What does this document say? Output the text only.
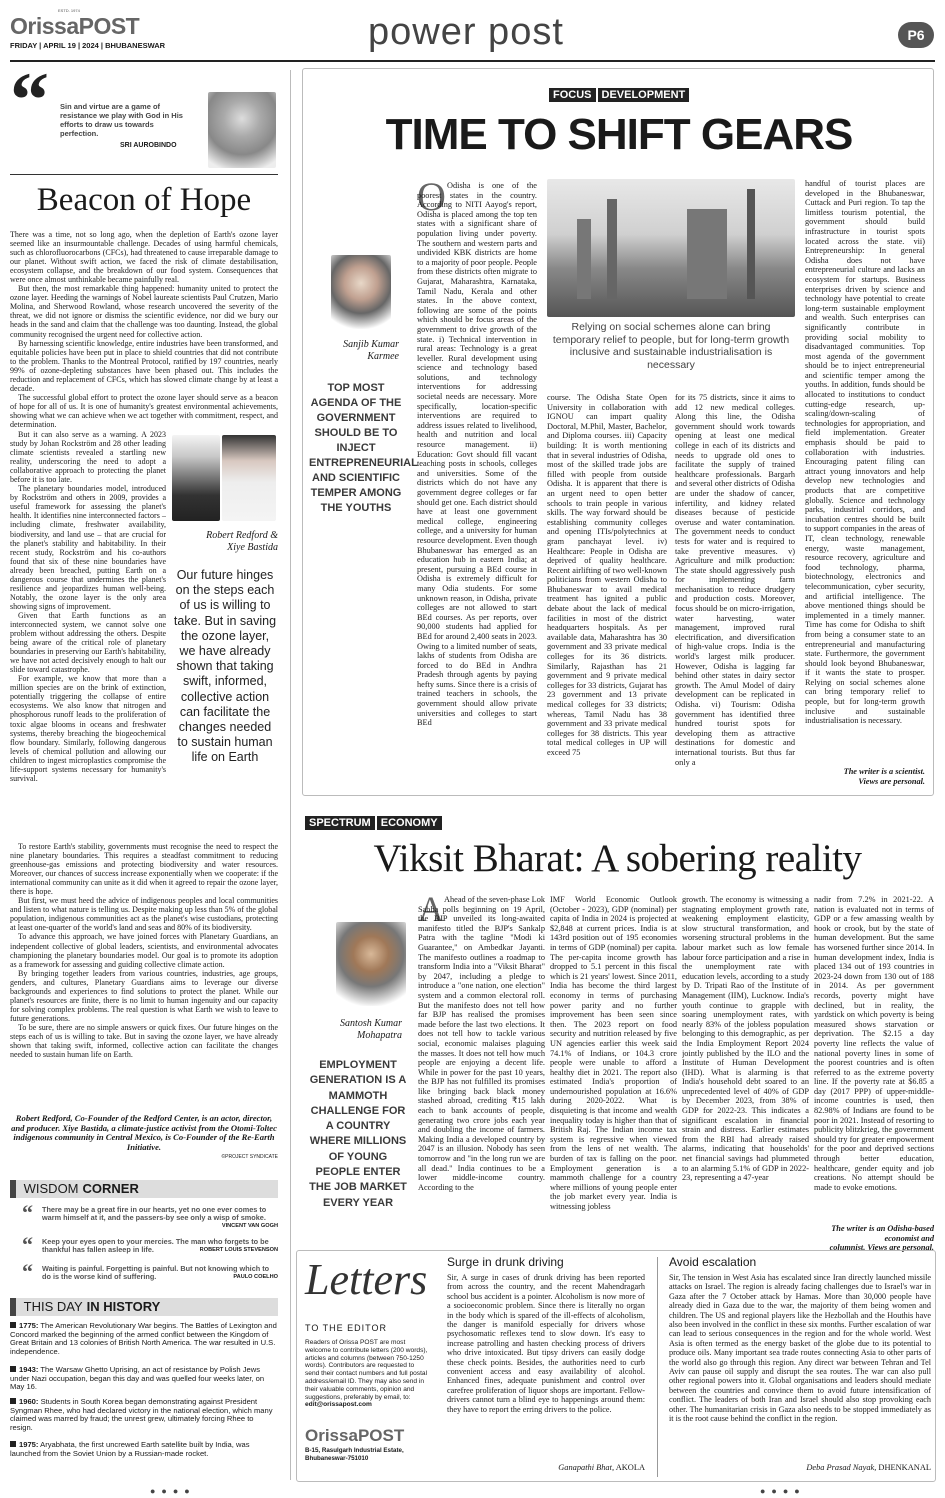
ESTD. 1974
OrissaPOST
FRIDAY | APRIL 19 | 2024 | BHUBANESWAR	power post	P6
“ Sin and virtue are a game of resistance we play with God in His efforts to draw us towards perfection.
SRI AUROBINDO
Beacon of Hope

There was a time, not so long ago, when the depletion of Earth's ozone layer seemed like an insurmountable challenge. Decades of using harmful chemicals, such as chlorofluorocarbons (CFCs), had threatened to cause irreparable damage to our planet. Without swift action, we faced the risk of climate destabilisation, ecosystem collapse, and the breakdown of our food system. Consequences that were once almost unthinkable became painfully real.

But then, the most remarkable thing happened: humanity united to protect the ozone layer. Heeding the warnings of Nobel laureate scientists Paul Crutzen, Mario Molina, and Sherwood Rowland, whose research uncovered the severity of the threat, we did not ignore or dismiss the scientific evidence, nor did we bury our heads in the sand and claim that the challenge was too daunting. Instead, the global community recognised the urgent need for collective action.

By harnessing scientific knowledge, entire industries have been transformed, and equitable policies have been put in place to shield countries that did not contribute to the problem. Thanks to the Montreal Protocol, ratified by 197 countries, nearly 99% of ozone-depleting substances have been phased out. This includes the reduction and replacement of CFCs, which has slowed climate change by at least a decade.

The successful global effort to protect the ozone layer should serve as a beacon of hope for all of us. It is one of humanity's greatest environmental achievements, showing what we can achieve when we act together with commitment, respect, and determination.

But it can also serve as a warning. A 2023 study by Johan Rockström and 28 other leading climate scientists revealed a startling new reality, underscoring the need to adopt a collaborative approach to protecting the planet before it is too late.

The planetary boundaries model, introduced by Rockström and others in 2009, provides a useful framework for assessing the planet's health. It identifies nine interconnected factors – including climate, freshwater availability, biodiversity, and land use – that are crucial for the planet's stability and habitability. In their recent study, Rockström and his co-authors found that six of these nine boundaries have already been breached, putting Earth on a dangerous course that undermines the planet's resilience and jeopardizes human well-being. Notably, the ozone layer is the only area showing signs of improvement.

Given that Earth functions as an interconnected system, we cannot solve one problem without addressing the others. Despite being aware of the critical role of planetary boundaries in preserving our Earth's habitability, we have not acted decisively enough to halt our slide toward catastrophe.

For example, we know that more than a million species are on the brink of extinction, potentially triggering the collapse of entire ecosystems. We also know that nitrogen and phosphorous runoff leads to the proliferation of toxic algae blooms in oceans and freshwater systems, thereby breaching the biogeochemical flow boundary. Similarly, following dangerous levels of chemical pollution and allowing our children to ingest microplastics compromise the life-support systems necessary for humanity's survival.

Robert Redford &
Xiye Bastida
Our future hinges on the steps each of us is willing to take. But in saving the ozone layer, we have already shown that taking swift, informed, collective action can facilitate the changes needed to sustain human life on Earth

To restore Earth's stability, governments must recognise the need to respect the nine planetary boundaries. This requires a steadfast commitment to reducing greenhouse-gas emissions and protecting biodiversity and water resources. Moreover, our chances of success increase exponentially when we cooperate: if the international community can unite as it did when it agreed to repair the ozone layer, there is hope.

But first, we must heed the advice of indigenous peoples and local communities and listen to what nature is telling us. Despite making up less than 5% of the global population, indigenous communities act as the planet's wise custodians, protecting at least one-quarter of the world's land and seas and 80% of its biodiversity.

To advance this approach, we have joined forces with Planetary Guardians, an independent collective of global leaders, scientists, and environmental advocates championing the planetary boundaries model. Our goal is to promote its adoption as a framework for assessing and guiding collective climate action.

By bringing together leaders from various countries, industries, age groups, genders, and cultures, Planetary Guardians aims to leverage our diverse backgrounds and experiences to find solutions to protect the planet. While our planet's resources are finite, there is no limit to human ingenuity and our capacity for solving complex problems. The real question is what Earth we wish to leave to future generations.

To be sure, there are no simple answers or quick fixes. Our future hinges on the steps each of us is willing to take. But in saving the ozone layer, we have already shown that taking swift, informed, collective action can facilitate the changes needed to sustain human life on Earth.

Robert Redford, Co-Founder of the Redford Center, is an actor, director, and producer. Xiye Bastida, a climate-justice activist from the Otomi-Toltec indigenous community in Central Mexico, is Co-Founder of the Re-Earth Initiative.
©PROJECT SYNDICATE
WISDOM CORNER
“ There may be a great fire in our hearts, yet no one ever comes to warm himself at it, and the passers-by see only a wisp of smoke.
VINCENT VAN GOGH
“ Keep your eyes open to your mercies. The man who forgets to be thankful has fallen asleep in life.	ROBERT LOUIS STEVENSON
“ Waiting is painful. Forgetting is painful. But not knowing which to do is the worse kind of suffering.	PAULO COELHO
THIS DAY IN HISTORY
1775: The American Revolutionary War begins. The Battles of Lexington and Concord marked the beginning of the armed conflict between the Kingdom of Great Britain and 13 colonies of British North America. The war resulted in U.S. independence.
1943: The Warsaw Ghetto Uprising, an act of resistance by Polish Jews under Nazi occupation, began this day and was quelled four weeks later, on May 16.
1960: Students in South Korea began demonstrating against President Syngman Rhee, who had declared victory in the national election, which many claimed was marred by fraud; the unrest grew, ultimately forcing Rhee to resign.
1975: Aryabhata, the first uncrewed Earth satellite built by India, was launched from the Soviet Union by a Russian-made rocket.
FOCUS DEVELOPMENT
TIME TO SHIFT GEARS
Sanjib Kumar
Karmee
TOP MOST AGENDA OF THE GOVERNMENT SHOULD BE TO INJECT ENTREPRENEURIAL AND SCIENTIFIC TEMPER AMONG THE YOUTHS
O Odisha is one of the poorest states in the country. According to NITI Aayog's report, Odisha is placed among the top ten states with a significant share of population living under poverty. The southern and western parts and undivided KBK districts are home to a majority of poor people. People from these districts often migrate to Gujarat, Maharashtra, Karnataka, Tamil Nadu, Kerala and other states. In the above context, following are some of the points which should be focus areas of the government to drive growth of the state. i) Technical intervention in rural areas: Technology is a great leveller. Rural development using science and technology based solutions, and technology interventions for addressing societal needs are necessary. More specifically, location-specific interventions are required to address issues related to livelihood, health and nutrition and local resource management. ii) Education: Govt should fill vacant teaching posts in schools, colleges and universities. Some of the districts which do not have any government degree colleges or far should get one. Each district should have at least one government medical college, engineering college, and a university for human resource development. Even though Bhubaneswar has emerged as an education hub in eastern India; at present, pursuing a BEd course in Odisha is extremely difficult for many Odia students. For some unknown reason, in Odisha, private colleges are not allowed to start BEd courses. As per reports, over 90,000 students had applied for BEd for around 2,400 seats in 2023. Owing to a limited number of seats, lakhs of students from Odisha are forced to do BEd in Andhra Pradesh through agents by paying hefty sums. Since there is a crisis of trained teachers in schools, the government should allow private universities and colleges to start BEd
Relying on social schemes alone can bring temporary relief to people, but for long-term growth inclusive and sustainable industrialisation is necessary
course. The Odisha State Open University in collaboration with IGNOU can impart quality Doctoral, M.Phil, Master, Bachelor, and Diploma courses. iii) Capacity building: It is worth mentioning that in several industries of Odisha, most of the skilled trade jobs are filled with people from outside Odisha. It is apparent that there is an urgent need to open better schools to train people in various skills. The way forward should be establishing community colleges and opening ITIs/polytechnics at gram panchayat level. iv) Healthcare: People in Odisha are deprived of quality healthcare. Recent airlifting of two well-known politicians from western Odisha to Bhubaneswar to avail medical treatment has ignited a public debate about the lack of medical facilities in most of the district headquarters hospitals. As per available data, Maharashtra has 30 government and 33 private medical colleges for its 36 districts. Similarly, Rajasthan has 21 government and 9 private medical colleges for 33 districts, Gujarat has 23 government and 13 private medical colleges for 33 districts; whereas, Tamil Nadu has 38 government and 33 private medical colleges for 38 districts. This year total medical colleges in UP will exceed 75
for its 75 districts, since it aims to add 12 new medical colleges. Along this line, the Odisha government should work towards opening at least one medical college in each of its districts and needs to upgrade old ones to facilitate the supply of trained healthcare professionals. Bargarh and several other districts of Odisha are under the shadow of cancer, infertility, and kidney related diseases because of pesticide overuse and water contamination. The government needs to conduct tests for water and is required to take preventive measures. v) Agriculture and milk production: The state should aggressively push for implementing farm mechanisation to reduce drudgery and production costs. Moreover, focus should be on micro-irrigation, water harvesting, water management, improved rural electrification, and diversification of high-value crops. India is the world's largest milk producer. However, Odisha is lagging far behind other states in dairy sector growth. The Amul Model of dairy development can be replicated in Odisha. vi) Tourism: Odisha government has identified three hundred tourist spots for developing them as attractive destinations for domestic and international tourists. But thus far only a
handful of tourist places are developed in the Bhubaneswar, Cuttack and Puri region. To tap the limitless tourism potential, the government should build infrastructure in tourist spots located across the state. vii) Entrepreneurship: In general Odisha does not have entrepreneurial culture and lacks an ecosystem for startups. Business enterprises driven by science and technology have potential to create long-term sustainable employment and wealth. Such enterprises can significantly contribute in providing social mobility to disadvantaged communities. Top most agenda of the government should be to inject entrepreneurial and scientific temper among the youths. In addition, funds should be allocated to institutions to conduct cutting-edge research, up-scaling/down-scaling of technologies for appropriation, and field implementation. Greater emphasis should be paid to collaboration with industries. Encouraging patent filing can attract young innovators and help develop new technologies and products that are competitive globally. Science and technology parks, industrial corridors, and incubation centres should be built to support companies in the areas of IT, clean technology, renewable energy, waste management, resource recovery, agriculture and food technology, pharma, biotechnology, electronics and telecommunication, cyber security, and artificial intelligence. The above mentioned things should be implemented in a timely manner. Time has come for Odisha to shift from being a consumer state to an entrepreneurial and manufacturing state. Furthermore, the government should look beyond Bhubaneswar, if it wants the state to prosper. Relying on social schemes alone can bring temporary relief to people, but for long-term growth inclusive and sustainable industrialisation is necessary.
The writer is a scientist.
Views are personal.
SPECTRUM ECONOMY
Viksit Bharat: A sobering reality
Santosh Kumar
Mohapatra
EMPLOYMENT GENERATION IS A MAMMOTH CHALLENGE FOR A COUNTRY WHERE MILLIONS OF YOUNG PEOPLE ENTER THE JOB MARKET EVERY YEAR
A Ahead of the seven-phase Lok Sabha polls beginning on 19 April, the BJP unveiled its long-awaited manifesto titled the BJP's Sankalp Patra with the tagline "Modi ki Guarantee," on Ambedkar Jayanti. The manifesto outlines a roadmap to transform India into a "Viksit Bharat" by 2047, including a pledge to introduce a "one nation, one election" system and a common electoral roll. But the manifesto does not tell how far BJP has realised the promises made before the last two elections. It does not tell how to tackle various social, economic malaises plaguing the masses. It does not tell how much people are enjoying a decent life. While in power for the past 10 years, the BJP has not fulfilled its promises like bringing back black money stashed abroad, crediting ₹15 lakh each to bank accounts of people, generating two crore jobs each year and doubling the income of farmers. Making India a developed country by 2047 is an illusion. Nobody has seen tomorrow and "in the long run we are all dead." India continues to be a lower middle-income country. According to the
IMF World Economic Outlook (October - 2023), GDP (nominal) per capita of India in 2024 is projected at $2,848 at current prices. India is at 143rd position out of 195 economies in terms of GDP (nominal) per capita. The per-capita income growth has dropped to 5.1 percent in this fiscal which is 21 years' lowest. Since 2011, India has become the third largest economy in terms of purchasing power parity and no further improvement has been seen since then. The 2023 report on food security and nutrition released by five UN agencies earlier this week said 74.1% of Indians, or 104.3 crore people were unable to afford a healthy diet in 2021. The report also estimated India's proportion of undernourished population at 16.6% during 2020-2022. What is disquieting is that income and wealth inequality today is higher than that of British Raj. The Indian income tax system is regressive when viewed from the lens of net wealth. The burden of tax is falling on the poor. Employment generation is a mammoth challenge for a country where millions of young people enter the job market every year. India is witnessing jobless
growth. The economy is witnessing a stagnating employment growth rate, weakening employment elasticity, slow structural transformation, and worsening structural problems in the labour market such as low female labour force participation and a rise in the unemployment rate with education levels, according to a study by D. Tripati Rao of the Institute of Management (IIM), Lucknow. India's youth continue to grapple with soaring unemployment rates, with nearly 83% of the jobless population belonging to this demographic, as per the India Employment Report 2024 jointly published by the ILO and the Institute of Human Development (IHD). What is alarming is that India's household debt soared to an unprecedented level of 40% of GDP by December 2023, from 38% of GDP for 2022-23. This indicates a significant escalation in financial strain and distress. Earlier estimates from the RBI had already raised alarms, indicating that households' net financial savings had plummeted to an alarming 5.1% of GDP in 2022-23, representing a 47-year
nadir from 7.2% in 2021-22. A nation is evaluated not in terms of GDP or a few amassing wealth by hook or crook, but by the state of human development. But the same has worsened further since 2014. In human development index, India is placed 134 out of 193 countries in 2023-24 down from 130 out of 188 in 2014. As per government records, poverty might have declined, but in reality, the yardstick on which poverty is being measured shows starvation or deprivation. The $2.15 a day poverty line reflects the value of national poverty lines in some of the poorest countries and is often referred to as the extreme poverty line. If the poverty rate at $6.85 a day (2017 PPP) of upper-middle-income countries is used, then 82.98% of Indians are found to be poor in 2021. Instead of resorting to publicity blitzkrieg, the government should try for greater empowerment for the poor and deprived sections through better education, healthcare, gender equity and job creations. No attempt should be made to evoke emotions.
The writer is an Odisha-based economist and
columnist. Views are personal.
Letters
TO THE EDITOR
Readers of Orissa POST are most welcome to contribute letters (200 words), articles and columns (between 750-1250 words). Contributors are requested to send their contact numbers and full postal address/email ID. They may also send in their valuable comments, opinion and suggestions, preferably by email, to: edit@orissapost.com
OrissaPOST
B-15, Rasulgarh Industrial Estate,
Bhubaneswar-751010
Surge in drunk driving
Sir, A surge in cases of drunk driving has been reported from across the country, and the recent Mahendragarh school bus accident is a pointer. Alcoholism is now more of a socioeconomic problem. Since there is literally no organ in the body which is spared of the ill-effects of alcoholism, the danger is manifold especially for drivers whose psychosomatic reflexes tend to slow down. It's easy to increase patrolling and hasten checking process of drivers who drive intoxicated. But tipsy drivers can easily dodge these check points. Besides, the authorities need to curb convenient access and easy availability of alcohol. Enhanced fines, adequate punishment and control over carefree proliferation of liquor shops are important. Fellow-drivers cannot turn a blind eye to happenings around them: they have to report the erring drivers to the police.
Ganapathi Bhat, AKOLA
Avoid escalation
Sir, The tension in West Asia has escalated since Iran directly launched missile attacks on Israel. The region is already facing challenges due to Israel's war in Gaza after the 7 October attack by Hamas. More than 30,000 people have already died in Gaza due to the war, the majority of them being women and children. The US and regional players like the Hezbollah and the Houthis have also been involved in the conflict in these six months. Further escalation of war can lead to serious consequences in the region and for the whole world. West Asia is often termed as the energy basket of the globe due to its potential to produce oils. Many important sea trade routes connecting Asia to other parts of the world also go through this region. Any direct war between Tehran and Tel Aviv can pause oil supply and disrupt the sea routes. The war can also pull other regional powers into it. Global organisations and leaders should mediate between the countries and convince them to avoid future intensification of conflict. The leaders of both Iran and Israel should also stop provoking each other. The humanitarian crisis in Gaza also needs to be stopped immediately as it is the root cause behind the conflict in the region.
Deba Prasad Nayak, DHENKANAL
●●●●	●●●●
